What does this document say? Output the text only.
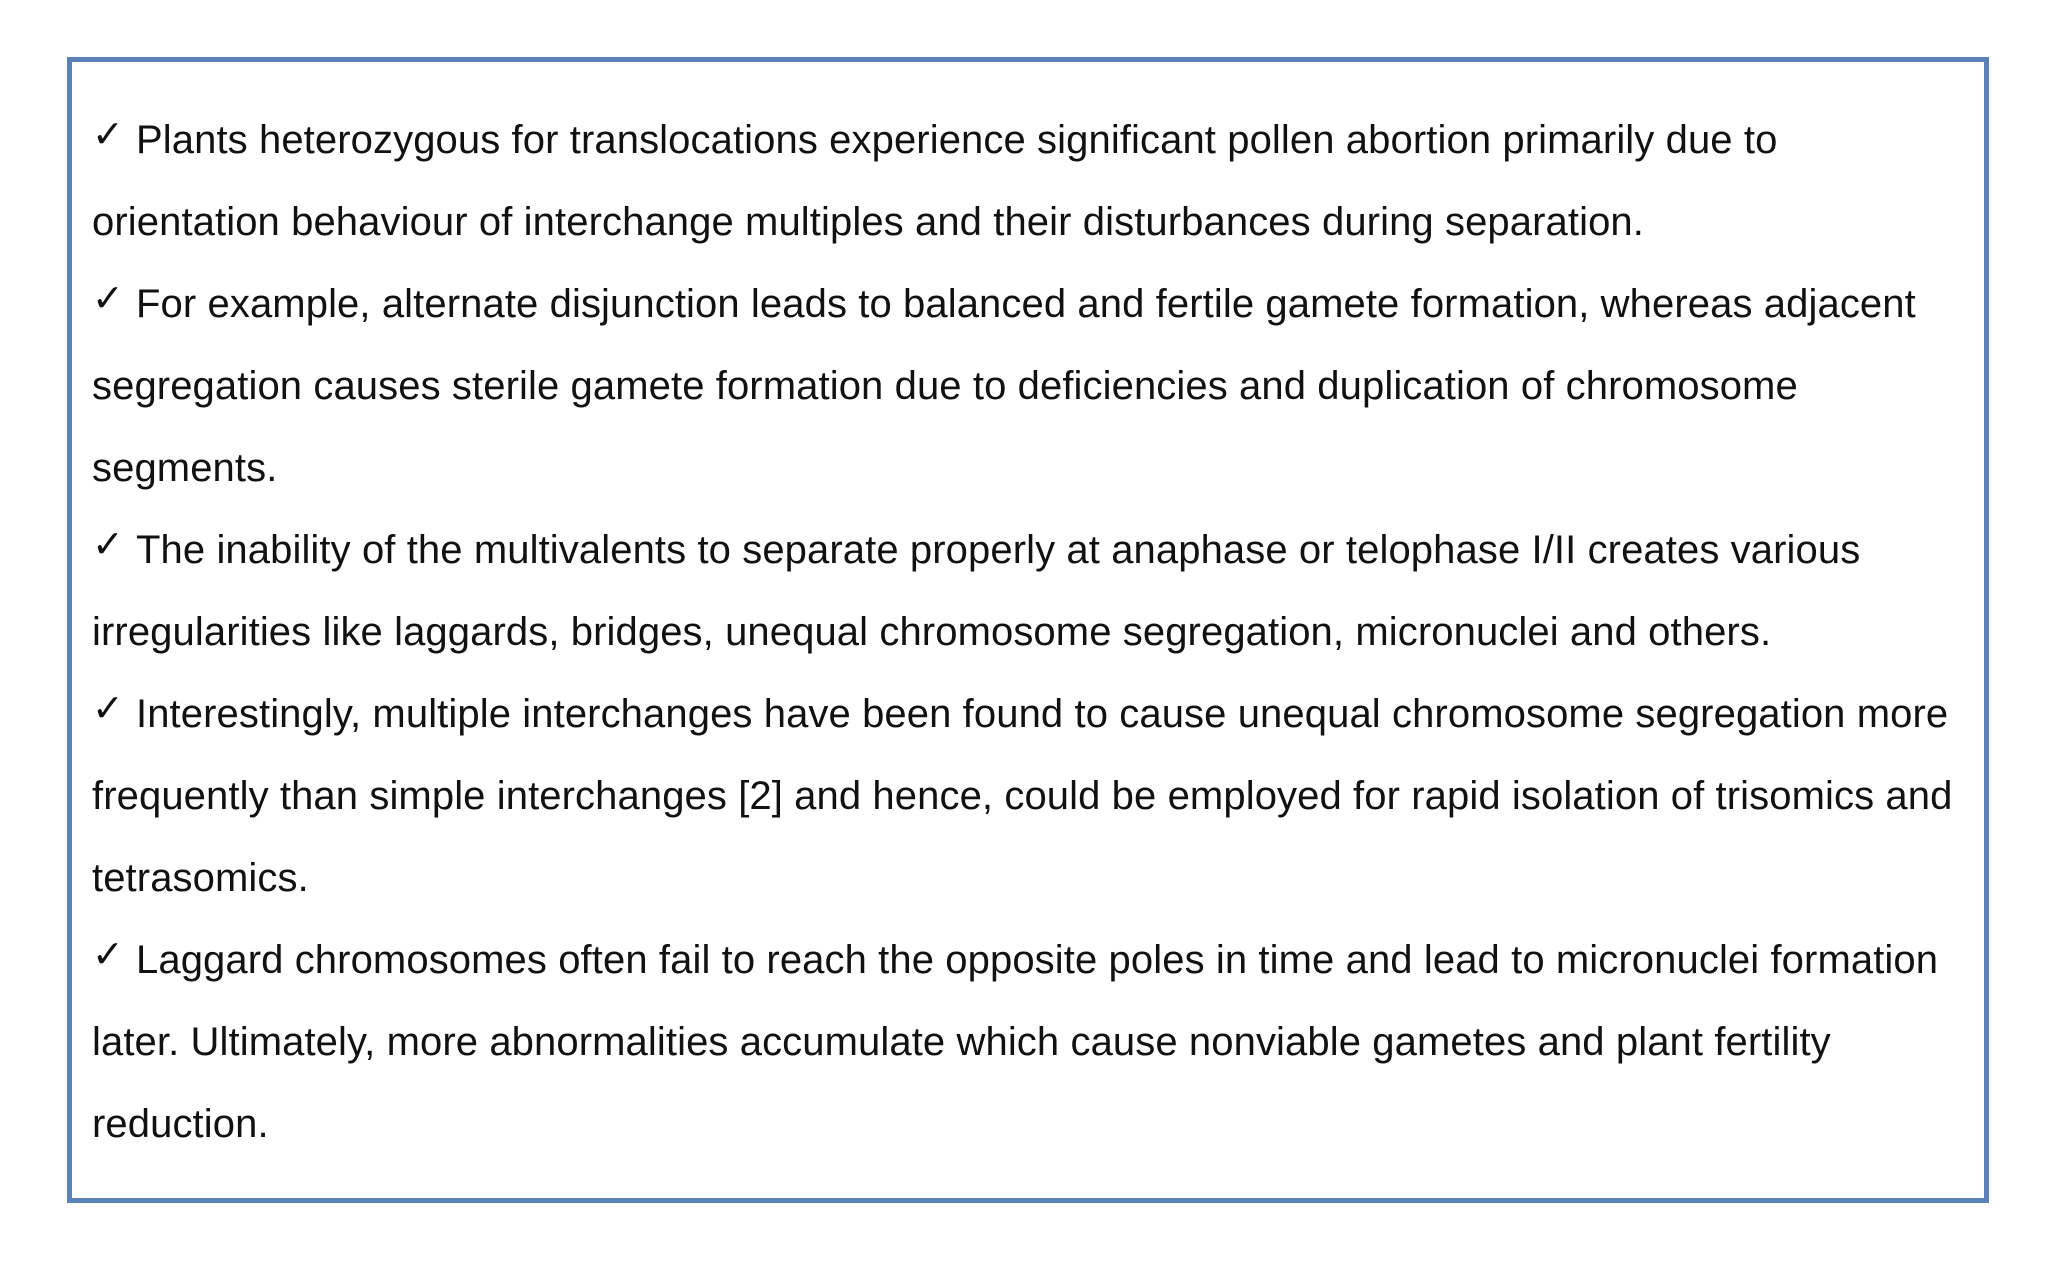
✓ Plants heterozygous for translocations experience significant pollen abortion primarily due to orientation behaviour of interchange multiples and their disturbances during separation.

✓ For example, alternate disjunction leads to balanced and fertile gamete formation, whereas adjacent segregation causes sterile gamete formation due to deficiencies and duplication of chromosome segments.

✓ The inability of the multivalents to separate properly at anaphase or telophase I/II creates various irregularities like laggards, bridges, unequal chromosome segregation, micronuclei and others.

✓ Interestingly, multiple interchanges have been found to cause unequal chromosome segregation more frequently than simple interchanges [2] and hence, could be employed for rapid isolation of trisomics and tetrasomics.

✓ Laggard chromosomes often fail to reach the opposite poles in time and lead to micronuclei formation later. Ultimately, more abnormalities accumulate which cause nonviable gametes and plant fertility reduction.
